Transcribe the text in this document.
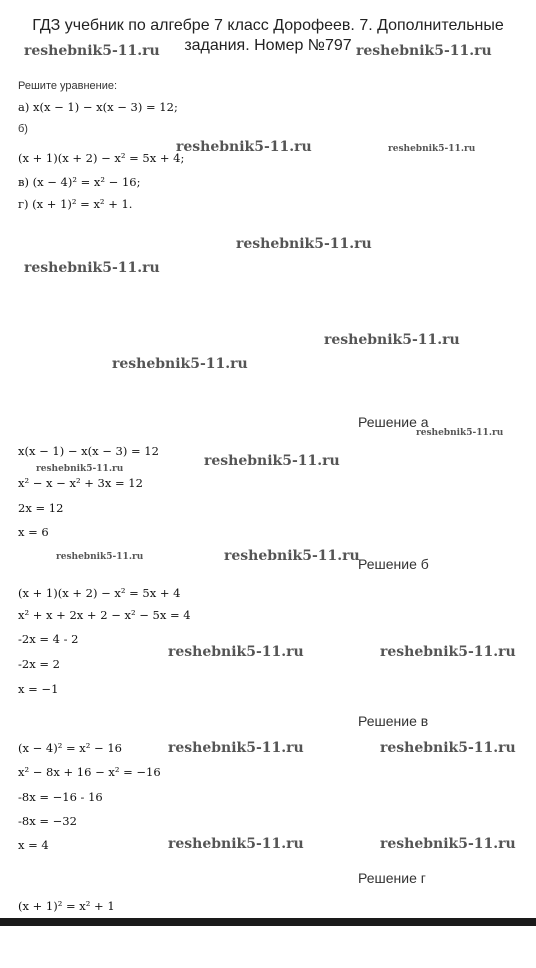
ГДЗ учебник по алгебре 7 класс Дорофеев. 7. Дополнительные задания. Номер №797
Решите уравнение:
а) x(x − 1) − x(x − 3) = 12;
б)
(x + 1)(x + 2) − x² = 5x + 4;
в) (x − 4)² = x² − 16;
г) (x + 1)² = x² + 1.
Решение а
x(x − 1) − x(x − 3) = 12
x² − x − x² + 3x = 12
2x = 12
x = 6
Решение б
(x + 1)(x + 2) − x² = 5x + 4
x² + x + 2x + 2 − x² − 5x = 4
-2x = 4 - 2
-2x = 2
x = −1
Решение в
(x − 4)² = x² − 16
x² − 8x + 16 − x² = −16
-8x = −16 - 16
-8x = −32
x = 4
Решение г
(x + 1)² = x² + 1
reshebnik5-11.ru	reshebnik5-11.ru
reshebnik5-11.ru	reshebnik5-11.ru
reshebnik5-11.ru
reshebnik5-11.ru
reshebnik5-11.ru
reshebnik5-11.ru
reshebnik5-11.ru
reshebnik5-11.ru
reshebnik5-11.ru
reshebnik5-11.ru	reshebnik5-11.ru
reshebnik5-11.ru	reshebnik5-11.ru
reshebnik5-11.ru	reshebnik5-11.ru
reshebnik5-11.ru	reshebnik5-11.ru
